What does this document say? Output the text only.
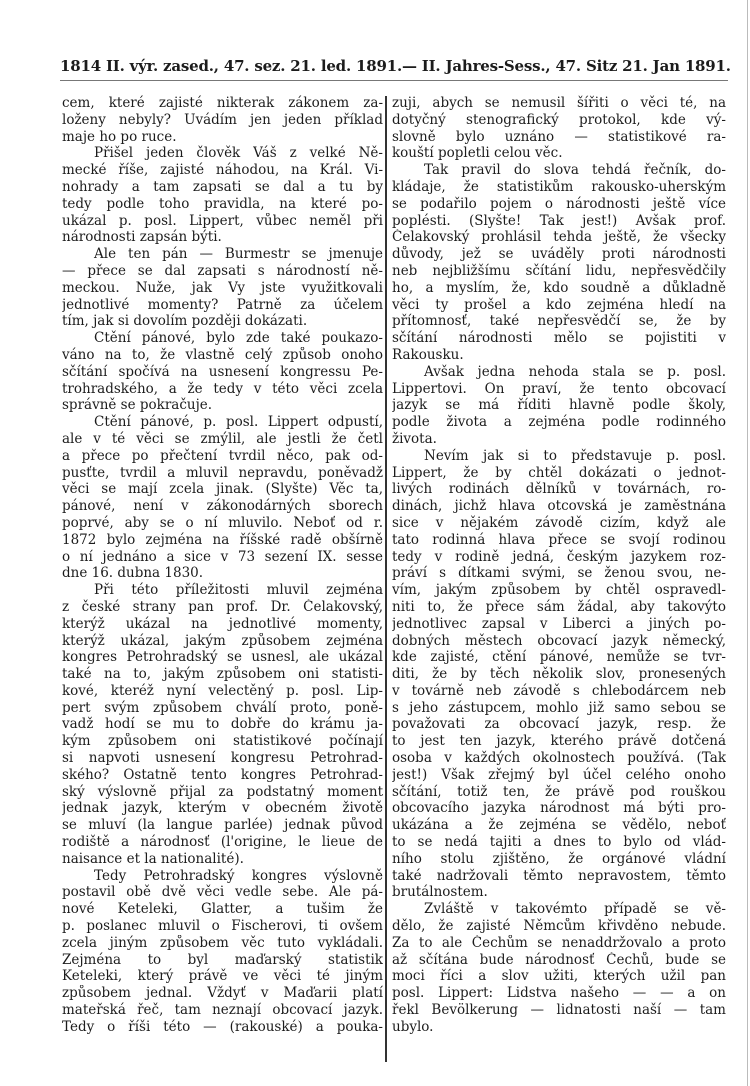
1814 II. výr. zased., 47. sez. 21. led. 1891. — II. Jahres-Sess., 47. Sitz 21. Jan 1891.
cem, které zajisté nikterak zákonem za-
loženy nebyly? Uvádím jen jeden příklad
maje ho po ruce.
Přišel jeden člověk Váš z velké Ně-
mecké říše, zajisté náhodou, na Král. Vi-
nohrady a tam zapsati se dal a tu by
tedy podle toho pravidla, na které po-
ukázal p. posl. Lippert, vůbec neměl při
národnosti zapsán býti.
Ale ten pán — Burmestr se jmenuje
— přece se dal zapsati s národností ně-
meckou. Nuže, jak Vy jste využitkovali
jednotlivé momenty? Patrně za účelem
tím, jak si dovolím později dokázati.
Ctění pánové, bylo zde také poukazo-
váno na to, že vlastně celý způsob onoho
sčítání spočívá na usnesení kongressu Pe-
trohradského, a že tedy v této věci zcela
správně se pokračuje.
Ctění pánové, p. posl. Lippert odpustí,
ale v té věci se zmýlil, ale jestli že četl
a přece po přečtení tvrdil něco, pak od-
pusťte, tvrdil a mluvil nepravdu, poněvadž
věci se mají zcela jinak. (Slyšte) Věc ta,
pánové, není v zákonodárných sborech
poprvé, aby se o ní mluvilo. Neboť od r.
1872 bylo zejména na říšské radě obšírně
o ní jednáno a sice v 73 sezení IX. sesse
dne 16. dubna 1830.
Při této příležitosti mluvil zejména
z české strany pan prof. Dr. Čelakovský,
kterýž ukázal na jednotlivé momenty,
kterýž ukázal, jakým způsobem zejména
kongres Petrohradský se usnesl, ale ukázal
také na to, jakým způsobem oni statisti-
kové, kteréž nyní velectěný p. posl. Lip-
pert svým způsobem chválí proto, poně-
vadž hodí se mu to dobře do krámu ja-
kým způsobem oni statistikové počínají
si napvoti usnesení kongresu Petrohrad-
ského? Ostatně tento kongres Petrohrad-
ský výslovně přijal za podstatný moment
jednak jazyk, kterým v obecném životě
se mluví (la langue parlée) jednak původ
rodiště a národnosť (l'origine, le lieue de
naisance et la nationalité).
Tedy Petrohradský kongres výslovně
postavil obě dvě věci vedle sebe. Ale pá-
nové Keteleki, Glatter, a tušim že
p. poslanec mluvil o Fischerovi, ti ovšem
zcela jiným způsobem věc tuto vykládali.
Zejména to byl maďarský statistik
Keteleki, který právě ve věci té jiným
způsobem jednal. Vždyť v Maďarii platí
mateřská řeč, tam neznají obcovací jazyk.
Tedy o říši této — (rakouské) a pouka-
zuji, abych se nemusil šířiti o věci té, na
dotyčný stenografický protokol, kde vý-
slovně bylo uznáno — statistikové ra-
kouští popletli celou věc.
Tak pravil do slova tehdá řečník, do-
kládaje, že statistikům rakousko-uherským
se podařilo pojem o národnosti ještě více
poplésti. (Slyšte! Tak jest!) Avšak prof.
Čelakovský prohlásil tehda ještě, že všecky
důvody, jež se uváděly proti národnosti
neb nejbližšímu sčítání lidu, nepřesvědčily
ho, a myslím, že, kdo soudně a důkladně
věci ty prošel a kdo zejména hledí na
přítomnosť, také nepřesvědčí se, že by
sčítání národnosti mělo se pojistiti v
Rakousku.
Avšak jedna nehoda stala se p. posl.
Lippertovi. On praví, že tento obcovací
jazyk se má říditi hlavně podle školy,
podle života a zejména podle rodinného
života.
Nevím jak si to představuje p. posl.
Lippert, že by chtěl dokázati o jednot-
livých rodinách dělníků v továrnách, ro-
dinách, jichž hlava otcovská je zaměstnána
sice v nějakém závodě cizím, když ale
tato rodinná hlava přece se svojí rodinou
tedy v rodině jedná, českým jazykem roz-
práví s dítkami svými, se ženou svou, ne-
vím, jakým způsobem by chtěl ospravedl-
niti to, že přece sám žádal, aby takovýto
jednotlivec zapsal v Liberci a jiných po-
dobných městech obcovací jazyk německý,
kde zajisté, ctění pánové, nemůže se tvr-
diti, že by těch několik slov, pronesených
v továrně neb závodě s chlebodárcem neb
s jeho zástupcem, mohlo již samo sebou se
považovati za obcovací jazyk, resp. že
to jest ten jazyk, kterého právě dotčená
osoba v každých okolnostech používá. (Tak
jest!) Však zřejmý byl účel celého onoho
sčítání, totiž ten, že právě pod rouškou
obcovacího jazyka národnost má býti pro-
ukázána a že zejména se vědělo, neboť
to se nedá tajiti a dnes to bylo od vlád-
ního stolu zjištěno, že orgánové vládní
také nadržovali těmto nepravostem, těmto
brutálnostem.
Zvláště v takovémto případě se vě-
dělo, že zajisté Němcům křivděno nebude.
Za to ale Čechům se nenaddržovalo a proto
až sčítána bude národnosť Čechů, bude se
moci říci a slov užiti, kterých užil pan
posl. Lippert: Lidstva našeho — — a on
řekl Bevölkerung — lidnatosti naší — tam
ubylo.
